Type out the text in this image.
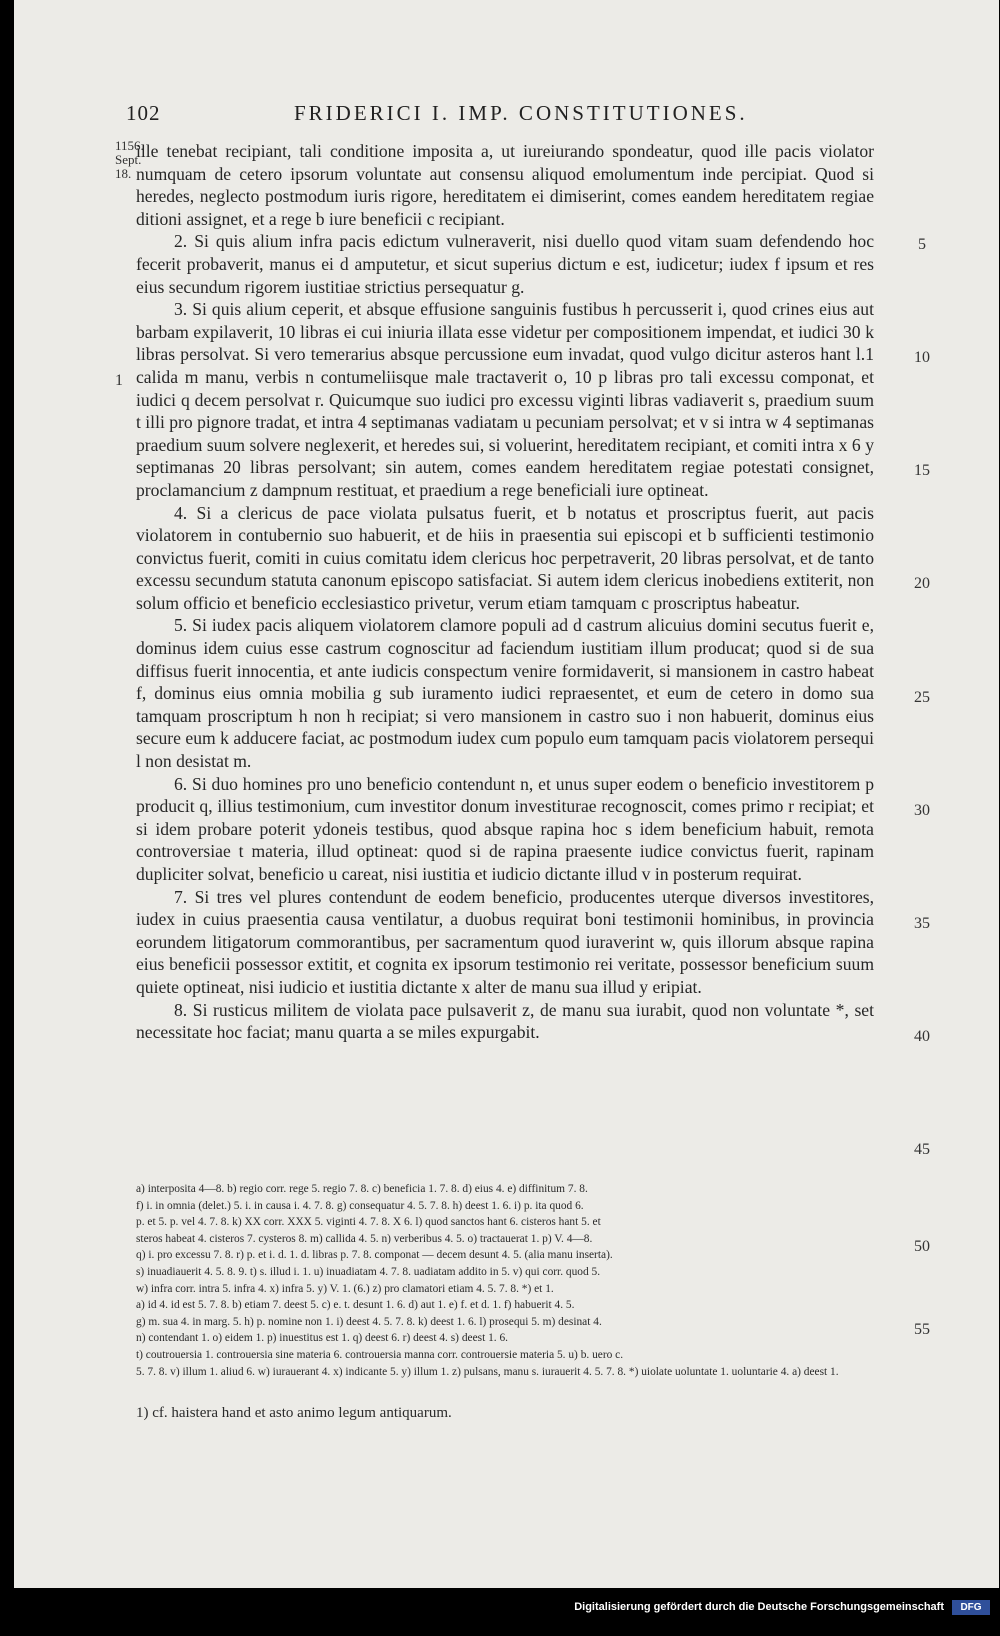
102	FRIDERICI I. IMP. CONSTITUTIONES.
1156. Sept. 18.
5
10
15
20
25
30
35
40
45
50
55
1

ille tenebat recipiant, tali conditione imposita a, ut iureiurando spondeatur, quod ille pacis violator numquam de cetero ipsorum voluntate aut consensu aliquod emolumentum inde percipiat. Quod si heredes, neglecto postmodum iuris rigore, hereditatem ei dimiserint, comes eandem hereditatem regiae ditioni assignet, et a rege b iure beneficii c recipiant.

2. Si quis alium infra pacis edictum vulneraverit, nisi duello quod vitam suam defendendo hoc fecerit probaverit, manus ei d amputetur, et sicut superius dictum e est, iudicetur; iudex f ipsum et res eius secundum rigorem iustitiae strictius persequatur g.

3. Si quis alium ceperit, et absque effusione sanguinis fustibus h percusserit i, quod crines eius aut barbam expilaverit, 10 libras ei cui iniuria illata esse videtur per compositionem impendat, et iudici 30 k libras persolvat. Si vero temerarius absque percussione eum invadat, quod vulgo dicitur asteros hant l.1 calida m manu, verbis n contumeliisque male tractaverit o, 10 p libras pro tali excessu componat, et iudici q decem persolvat r. Quicumque suo iudici pro excessu viginti libras vadiaverit s, praedium suum t illi pro pignore tradat, et intra 4 septimanas vadiatam u pecuniam persolvat; et v si intra w 4 septimanas praedium suum solvere neglexerit, et heredes sui, si voluerint, hereditatem recipiant, et comiti intra x 6 y septimanas 20 libras persolvant; sin autem, comes eandem hereditatem regiae potestati consignet, proclamancium z dampnum restituat, et praedium a rege beneficiali iure optineat.

4. Si a clericus de pace violata pulsatus fuerit, et b notatus et proscriptus fuerit, aut pacis violatorem in contubernio suo habuerit, et de hiis in praesentia sui episcopi et b sufficienti testimonio convictus fuerit, comiti in cuius comitatu idem clericus hoc perpetraverit, 20 libras persolvat, et de tanto excessu secundum statuta canonum episcopo satisfaciat. Si autem idem clericus inobediens extiterit, non solum officio et beneficio ecclesiastico privetur, verum etiam tamquam c proscriptus habeatur.

5. Si iudex pacis aliquem violatorem clamore populi ad d castrum alicuius domini secutus fuerit e, dominus idem cuius esse castrum cognoscitur ad faciendum iustitiam illum producat; quod si de sua diffisus fuerit innocentia, et ante iudicis conspectum venire formidaverit, si mansionem in castro habeat f, dominus eius omnia mobilia g sub iuramento iudici repraesentet, et eum de cetero in domo sua tamquam proscriptum h non h recipiat; si vero mansionem in castro suo i non habuerit, dominus eius secure eum k adducere faciat, ac postmodum iudex cum populo eum tamquam pacis violatorem persequi l non desistat m.

6. Si duo homines pro uno beneficio contendunt n, et unus super eodem o beneficio investitorem p producit q, illius testimonium, cum investitor donum investiturae recognoscit, comes primo r recipiat; et si idem probare poterit ydoneis testibus, quod absque rapina hoc s idem beneficium habuit, remota controversiae t materia, illud optineat: quod si de rapina praesente iudice convictus fuerit, rapinam dupliciter solvat, beneficio u careat, nisi iustitia et iudicio dictante illud v in posterum requirat.

7. Si tres vel plures contendunt de eodem beneficio, producentes uterque diversos investitores, iudex in cuius praesentia causa ventilatur, a duobus requirat boni testimonii hominibus, in provincia eorundem litigatorum commorantibus, per sacramentum quod iuraverint w, quis illorum absque rapina eius beneficii possessor extitit, et cognita ex ipsorum testimonio rei veritate, possessor beneficium suum quiete optineat, nisi iudicio et iustitia dictante x alter de manu sua illud y eripiat.

8. Si rusticus militem de violata pace pulsaverit z, de manu sua iurabit, quod non voluntate *, set necessitate hoc faciat; manu quarta a se miles expurgabit.

a) interposita 4—8. b) regio corr. rege 5. regio 7. 8. c) beneficia 1. 7. 8. d) eius 4. e) diffinitum 7. 8.
f) i. in omnia (delet.) 5. i. in causa i. 4. 7. 8. g) consequatur 4. 5. 7. 8. h) deest 1. 6. i) p. ita quod 6.
p. et 5. p. vel 4. 7. 8. k) XX corr. XXX 5. viginti 4. 7. 8. X 6. l) quod sanctos hant 6. cisteros hant 5. et
steros habeat 4. cisteros 7. cysteros 8. m) callida 4. 5. n) verberibus 4. 5. o) tractauerat 1. p) V. 4—8.
q) i. pro excessu 7. 8. r) p. et i. d. 1. d. libras p. 7. 8. componat — decem desunt 4. 5. (alia manu inserta).
s) inuadiauerit 4. 5. 8. 9. t) s. illud i. 1. u) inuadiatam 4. 7. 8. uadiatam addito in 5. v) qui corr. quod 5.
w) infra corr. intra 5. infra 4. x) infra 5. y) V. 1. (6.) z) pro clamatori etiam 4. 5. 7. 8. *) et 1.
a) id 4. id est 5. 7. 8. b) etiam 7. deest 5. c) e. t. desunt 1. 6. d) aut 1. e) f. et d. 1. f) habuerit 4. 5.
g) m. sua 4. in marg. 5. h) p. nomine non 1. i) deest 4. 5. 7. 8. k) deest 1. 6. l) prosequi 5. m) desinat 4.
n) contendant 1. o) eidem 1. p) inuestitus est 1. q) deest 6. r) deest 4. s) deest 1. 6.
t) coutrouersia 1. controuersia sine materia 6. controuersia manna corr. controuersie materia 5. u) b. uero c.
5. 7. 8. v) illum 1. aliud 6. w) iurauerant 4. x) indicante 5. y) illum 1. z) pulsans, manu s. iurauerit 4. 5. 7. 8. *) uiolate uoluntate 1. uoluntarie 4. a) deest 1.
1) cf. haistera hand et asto animo legum antiquarum.
Digitalisierung gefördert durch die Deutsche Forschungsgemeinschaft	DFG
